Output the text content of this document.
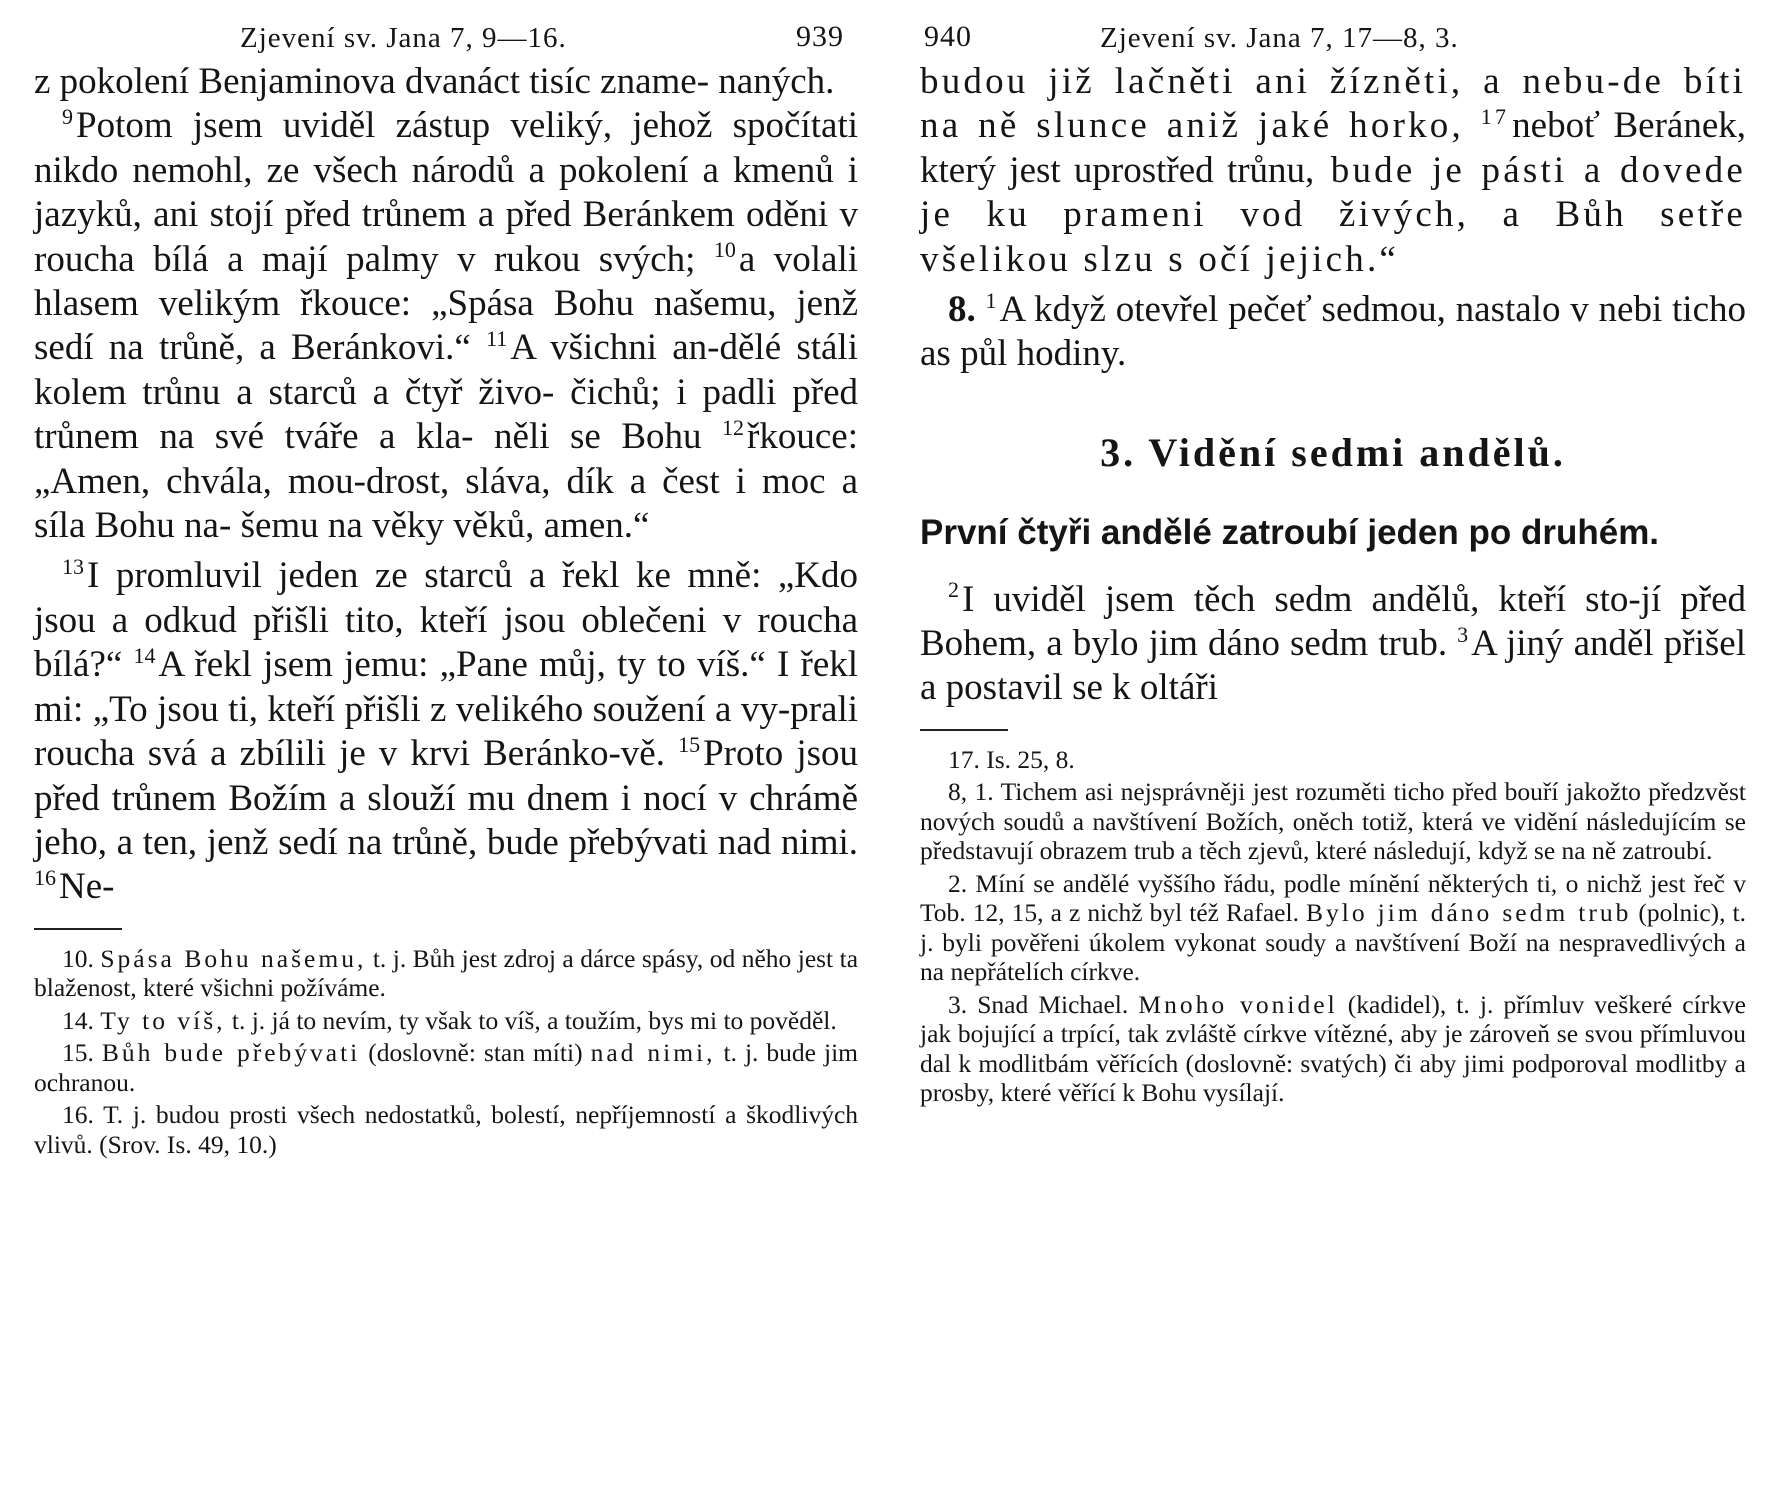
Zjevení sv. Jana 7, 9—16.	939

z pokolení Benjaminova dvanáct tisíc zname- naných.

$^9$Potom jsem uviděl zástup veliký, jehož spočítati nikdo nemohl, ze všech národů a pokolení a kmenů i jazyků, ani stojí před trůnem a před Beránkem oděni v roucha bílá a mají palmy v rukou svých; $^{10}$a volali hlasem velikým řkouce: „Spása Bohu našemu, jenž sedí na trůně, a Beránkovi.“ $^{11}$A všichni an-dělé stáli kolem trůnu a starců a čtyř živo- čichů; i padli před trůnem na své tváře a kla- něli se Bohu $^{12}$řkouce: „Amen, chvála, mou-drost, sláva, dík a čest i moc a síla Bohu na- šemu na věky věků, amen.“

$^{13}$I promluvil jeden ze starců a řekl ke mně: „Kdo jsou a odkud přišli tito, kteří jsou oblečeni v roucha bílá?“ $^{14}$A řekl jsem jemu: „Pane můj, ty to víš.“ I řekl mi: „To jsou ti, kteří přišli z velikého soužení a vy-prali roucha svá a zbílili je v krvi Beránko-vě. $^{15}$Proto jsou před trůnem Božím a slouží mu dnem i nocí v chrámě jeho, a ten, jenž sedí na trůně, bude přebývati nad nimi. $^{16}$Ne-

10. Spása Bohu našemu, t. j. Bůh jest zdroj a dárce spásy, od něho jest ta blaženost, které všichni požíváme.

14. Ty to víš, t. j. já to nevím, ty však to víš, a toužím, bys mi to pověděl.

15. Bůh bude přebývati (doslovně: stan míti) nad nimi, t. j. bude jim ochranou.

16. T. j. budou prosti všech nedostatků, bolestí, nepříjemností a škodlivých vlivů. (Srov. Is. 49, 10.)

940	Zjevení sv. Jana 7, 17—8, 3.

budou již lačněti ani žízněti, a nebu-de bíti na ně slunce aniž jaké horko, $^{17}$neboť Beránek, který jest uprostřed trůnu, bude je pásti a dovede je ku prameni vod živých, a Bůh setře všelikou slzu s očí jejich.“

8. $^1$A když otevřel pečeť sedmou, nastalo v nebi ticho as půl hodiny.

3. Vidění sedmi andělů.
První čtyři andělé zatroubí jeden po druhém.

$^2$I uviděl jsem těch sedm andělů, kteří sto-jí před Bohem, a bylo jim dáno sedm trub. $^3$A jiný anděl přišel a postavil se k oltáři

17. Is. 25, 8.

8, 1. Tichem asi nejsprávněji jest rozuměti ticho před bouří jakožto předzvěst nových soudů a navštívení Božích, oněch totiž, která ve vidění následujícím se představují obrazem trub a těch zjevů, které následují, když se na ně zatroubí.

2. Míní se andělé vyššího řádu, podle mínění některých ti, o nichž jest řeč v Tob. 12, 15, a z nichž byl též Rafael. Bylo jim dáno sedm trub (polnic), t. j. byli pověřeni úkolem vykonat soudy a navštívení Boží na nespravedlivých a na nepřátelích církve.

3. Snad Michael. Mnoho vonidel (kadidel), t. j. přímluv veškeré církve jak bojující a trpící, tak zvláště církve vítězné, aby je zároveň se svou přímluvou dal k modlitbám věřících (doslovně: svatých) či aby jimi podporoval modlitby a prosby, které věřící k Bohu vysílají.
